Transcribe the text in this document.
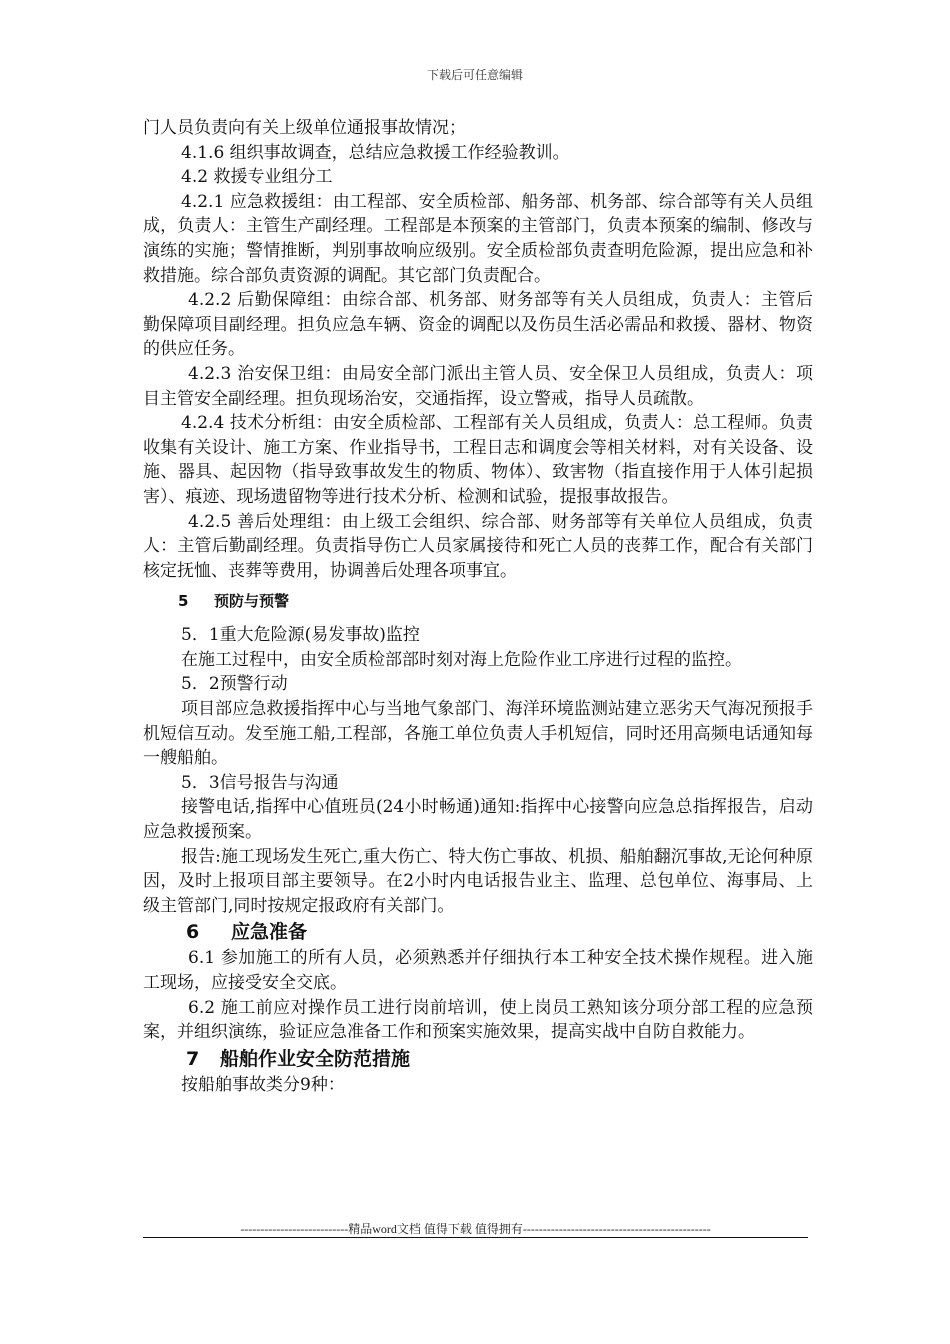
下载后可任意编辑

门人员负责向有关上级单位通报事故情况；

4.1.6 组织事故调查，总结应急救援工作经验教训。

4.2 救援专业组分工

4.2.1 应急救援组：由工程部、安全质检部、船务部、机务部、综合部等有关人员组成，负责人：主管生产副经理。工程部是本预案的主管部门，负责本预案的编制、修改与演练的实施；警情推断，判别事故响应级别。安全质检部负责查明危险源，提出应急和补救措施。综合部负责资源的调配。其它部门负责配合。

4.2.2 后勤保障组：由综合部、机务部、财务部等有关人员组成，负责人：主管后勤保障项目副经理。担负应急车辆、资金的调配以及伤员生活必需品和救援、器材、物资的供应任务。

4.2.3 治安保卫组：由局安全部门派出主管人员、安全保卫人员组成，负责人：项目主管安全副经理。担负现场治安，交通指挥，设立警戒，指导人员疏散。

4.2.4 技术分析组：由安全质检部、工程部有关人员组成，负责人：总工程师。负责收集有关设计、施工方案、作业指导书，工程日志和调度会等相关材料，对有关设备、设施、器具、起因物（指导致事故发生的物质、物体）、致害物（指直接作用于人体引起损害）、痕迹、现场遗留物等进行技术分析、检测和试验，提报事故报告。

4.2.5 善后处理组：由上级工会组织、综合部、财务部等有关单位人员组成，负责人：主管后勤副经理。负责指导伤亡人员家属接待和死亡人员的丧葬工作，配合有关部门核定抚恤、丧葬等费用，协调善后处理各项事宜。

5 预防与预警

5．1重大危险源(易发事故)监控

在施工过程中，由安全质检部部时刻对海上危险作业工序进行过程的监控。

5．2预警行动

项目部应急救援指挥中心与当地气象部门、海洋环境监测站建立恶劣天气海况预报手机短信互动。发至施工船,工程部，各施工单位负责人手机短信，同时还用高频电话通知每一艘船舶。

5．3信号报告与沟通

接警电话,指挥中心值班员(24小时畅通)通知:指挥中心接警向应急总指挥报告，启动应急救援预案。

报告:施工现场发生死亡,重大伤亡、特大伤亡事故、机损、船舶翻沉事故,无论何种原因，及时上报项目部主要领导。在2小时内电话报告业主、监理、总包单位、海事局、上级主管部门,同时按规定报政府有关部门。

6 应急准备

6.1 参加施工的所有人员，必须熟悉并仔细执行本工种安全技术操作规程。进入施工现场，应接受安全交底。

6.2 施工前应对操作员工进行岗前培训，使上岗员工熟知该分项分部工程的应急预案，并组织演练，验证应急准备工作和预案实施效果，提高实战中自防自救能力。

7 船舶作业安全防范措施

按船舶事故类分9种：

---------------------------精品word文档 值得下载 值得拥有-----------------------------------------------
